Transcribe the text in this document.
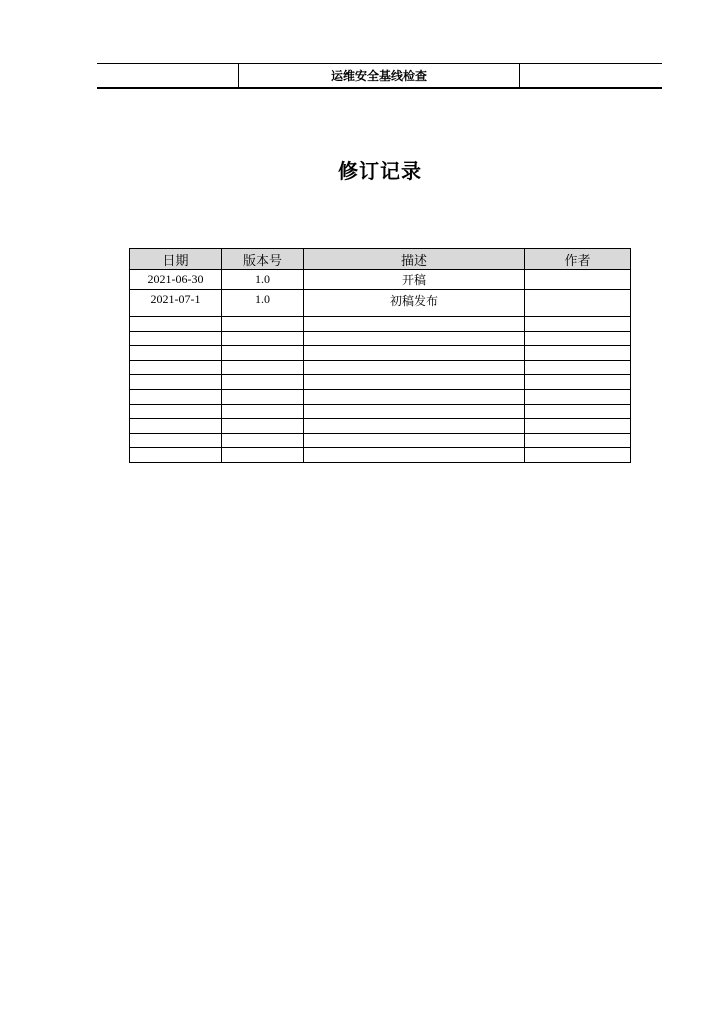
运维安全基线检查
修订记录
日期	版本号	描述	作者
2021-06-30	1.0	开稿	
2021-07-1	1.0	初稿发布	
